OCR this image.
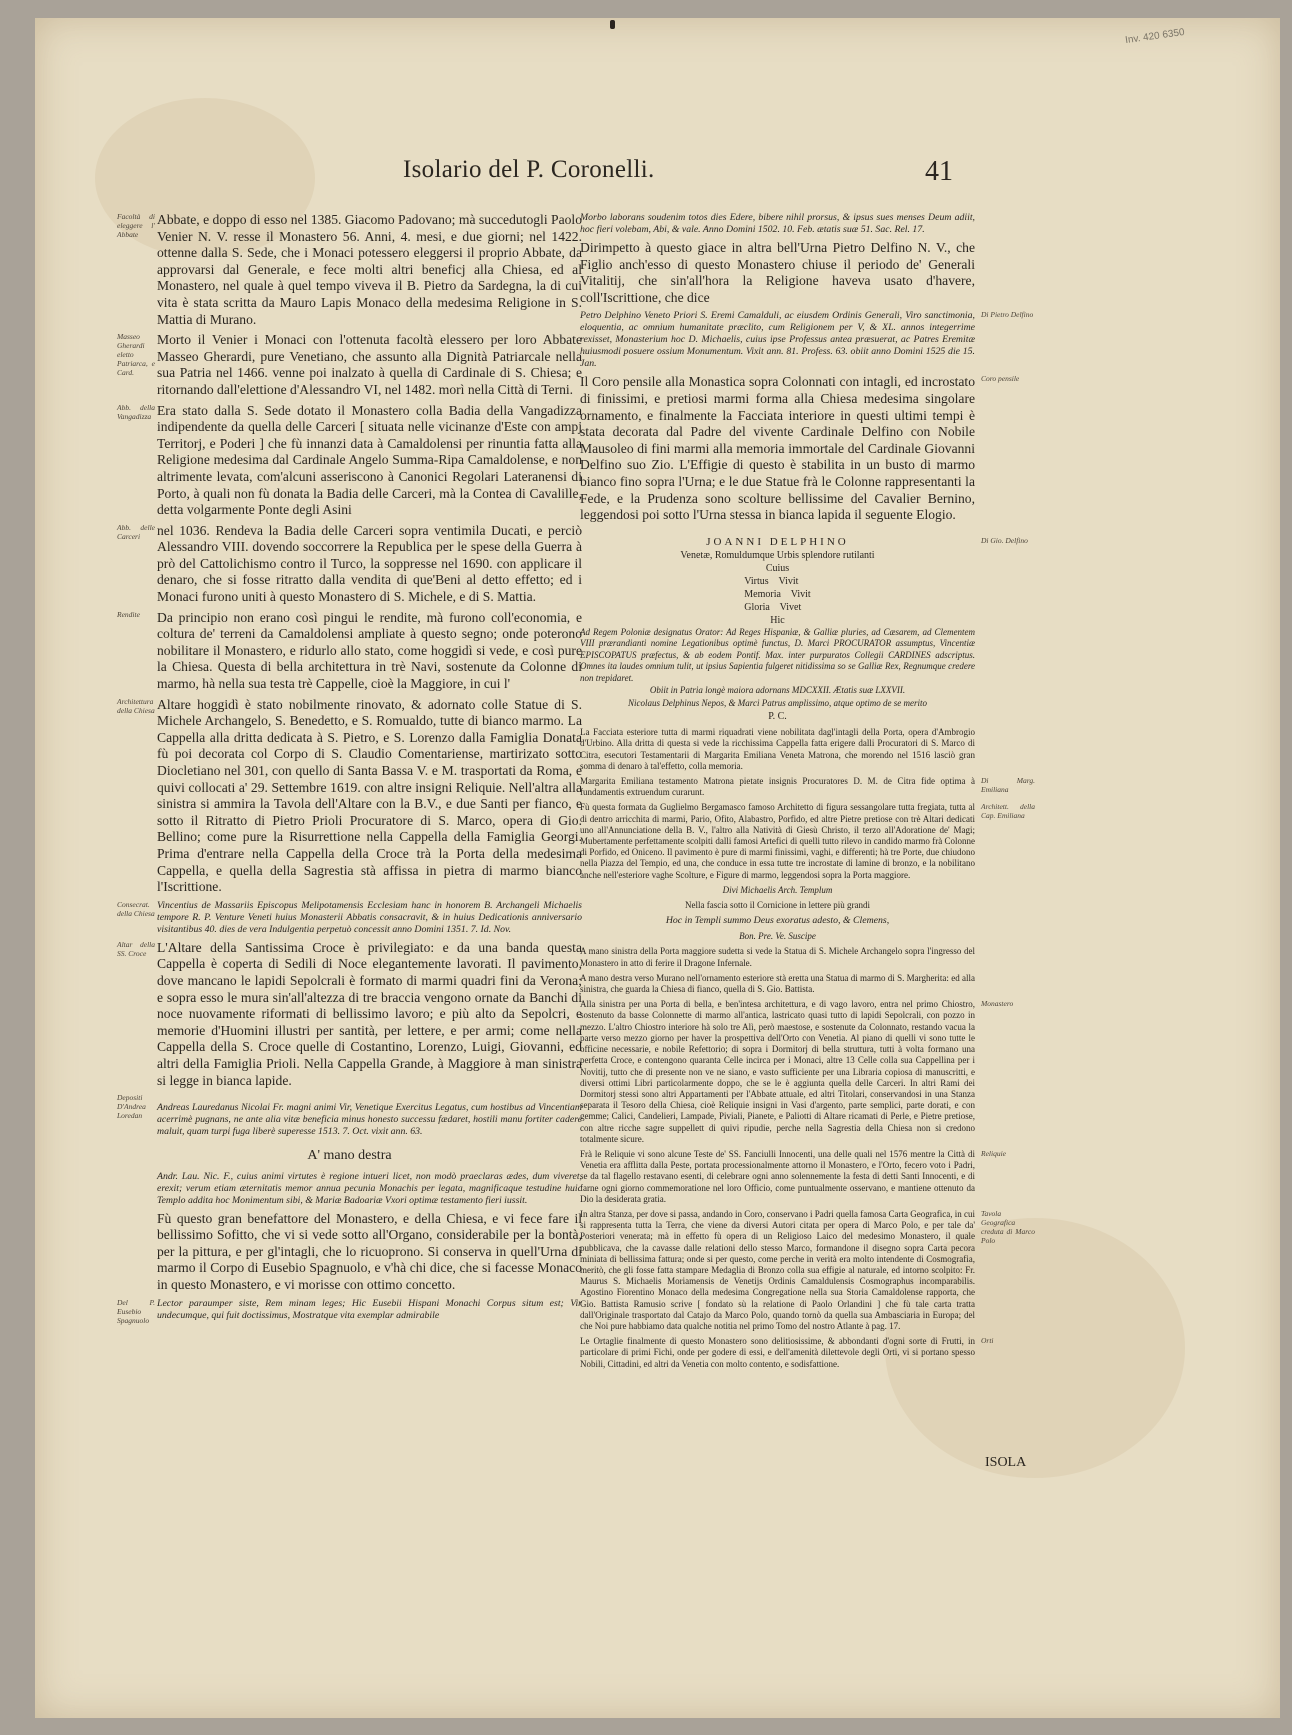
Inv. 420 6350
Isolario del P. Coronelli.	41
Facoltà di eleggere l' Abbate

Abbate, e doppo di esso nel 1385. Giacomo Padovano; mà succedutogli Paolo Venier N. V. resse il Monastero 56. Anni, 4. mesi, e due giorni; nel 1422. ottenne dalla S. Sede, che i Monaci potessero eleggersi il proprio Abbate, da approvarsi dal Generale, e fece molti altri beneficj alla Chiesa, ed al Monastero, nel quale à quel tempo viveva il B. Pietro da Sardegna, la di cui vita è stata scritta da Mauro Lapis Monaco della medesima Religione in S. Mattia di Murano.

Masseo Gherardi eletto Patriarca, e Card.

Morto il Venier i Monaci con l'ottenuta facoltà elessero per loro Abbate Masseo Gherardi, pure Venetiano, che assunto alla Dignità Patriarcale nella sua Patria nel 1466. venne poi inalzato à quella di Cardinale di S. Chiesa; e ritornando dall'elettione d'Alessandro VI, nel 1482. morì nella Città di Terni.

Abb. della Vangadizza Era stato dalla S. Sede dotato il Monastero colla Badia della Vangadizza indipendente da quella delle Carceri [ situata nelle vicinanze d'Este con ampj Territorj, e Poderi ] che fù innanzi data à Camaldolensi per rinuntia fatta alla Religione medesima dal Cardinale Angelo Summa-Ripa Camaldolense, e non altrimente levata, com'alcuni asseriscono à Canonici Regolari Lateranensi di Porto, à quali non fù donata la Badia delle Carceri, mà la Contea di Cavalille, detta volgarmente Ponte degli Asini

Abb. delle Carceri	nel 1036. Rendeva la Badia delle Carceri sopra ventimila Ducati, e perciò Alessandro VIII. dovendo soccorrere la Republica per le spese della Guerra à prò del Cattolichismo contro il Turco, la soppresse nel 1690. con applicare il denaro, che si fosse ritratto dalla vendita di que'Beni al detto effetto; ed i Monaci furono uniti à questo Monastero di S. Michele, e di S. Mattia.

Rendite	Da principio non erano così pingui le rendite, mà furono coll'economia, e coltura de' terreni da Camaldolensi ampliate à questo segno; onde poterono nobilitare il Monastero, e ridurlo allo stato, come hoggidì si vede, e così pure la Chiesa. Questa di bella architettura in trè Navi, sostenute da Colonne di marmo, hà nella sua testa trè Cappelle, cioè la Maggiore, in cui l'

Architettura della Chiesa Altare hoggidì è stato nobilmente rinovato, & adornato colle Statue di S. Michele Archangelo, S. Benedetto, e S. Romualdo, tutte di bianco marmo. La Cappella alla dritta dedicata à S. Pietro, e S. Lorenzo dalla Famiglia Donata fù poi decorata col Corpo di S. Claudio Comentariense, martirizato sotto Diocletiano nel 301, con quello di Santa Bassa V. e M. trasportati da Roma, e quivi collocati a' 29. Settembre 1619. con altre insigni Reliquie. Nell'altra alla sinistra si ammira la Tavola dell'Altare con la B.V., e due Santi per fianco, e sotto il Ritratto di Pietro Prioli Procuratore di S. Marco, opera di Gio. Bellino; come pure la Risurrettione nella Cappella della Famiglia Georgi. Prima d'entrare nella Cappella della Croce trà la Porta della medesima Cappella, e quella della Sagrestia stà affissa in pietra di marmo bianco l'Iscrittione.

Consecrat. della Chiesa

Vincentius de Massariis Episcopus Melipotamensis Ecclesiam hanc in honorem B. Archangeli Michaelis tempore R. P. Venture Veneti huius Monasterii Abbatis consacravit, & in huius Dedicationis anniversario visitantibus 40. dies de vera Indulgentia perpetuò concessit anno Domini 1351. 7. Id. Nov.

Altar della SS. Croce L'Altare della Santissima Croce è privilegiato: e da una banda questa Cappella è coperta di Sedili di Noce elegantemente lavorati. Il pavimento, dove mancano le lapidi Sepolcrali è formato di marmi quadri fini da Verona; e sopra esso le mura sin'all'altezza di tre braccia vengono ornate da Banchi di noce nuovamente riformati di bellissimo lavoro; e più alto da Sepolcri, e memorie d'Huomini illustri per santità, per lettere, e per armi; come nella Cappella della S. Croce quelle di Costantino, Lorenzo, Luigi, Giovanni, ed altri della Famiglia Prioli. Nella Cappella Grande, à Maggiore à man sinistra si legge in bianca lapide.

Depositi

D'Andrea Loredan

Andreas Lauredanus Nicolai Fr. magni animi Vir, Venetique Exercitus Legatus, cum hostibus ad Vincentiam acerrimè pugnans, ne ante alia vitæ beneficia minus honesto successu fædaret, hostili manu fortiter cadere maluit, quam turpi fuga liberè superesse 1513. 7. Oct. vixit ann. 63.

A' mano destra

Andr. Lau. Nic. F., cuius animi virtutes è regione intueri licet, non modò praeclaras ædes, dum viveret, erexit; verum etiam æternitatis memor annua pecunia Monachis per legata, magnificaque testudine huic Templo addita hoc Monimentum sibi, & Mariæ Badoariæ Vxori optimæ testamento fieri iussit.

Fù questo gran benefattore del Monastero, e della Chiesa, e vi fece fare il bellissimo Sofitto, che vi si vede sotto all'Organo, considerabile per la bontà, per la pittura, e per gl'intagli, che lo ricuoprono. Si conserva in quell'Urna di marmo il Corpo di Eusebio Spagnuolo, e v'hà chi dice, che si facesse Monaco in questo Monastero, e vi morisse con ottimo concetto.

Del P. Eusebio Spagnuolo

Lector paraumper siste, Rem minam leges; Hic Eusebii Hispani Monachi Corpus situm est; Vir undecumque, qui fuit doctissimus, Mostratque vita exemplar admirabile

Morbo laborans soudenim totos dies Edere, bibere nihil prorsus, & ipsus sues menses Deum adiit, hoc fieri volebam, Abi, & vale. Anno Domini 1502. 10. Feb. ætatis suæ 51. Sac. Rel. 17.

Dirimpetto à questo giace in altra bell'Urna Pietro Delfino N. V., che Figlio anch'esso di questo Monastero chiuse il periodo de' Generali Vitalitij, che sin'all'hora la Religione haveva usato d'havere, coll'Iscrittione, che dice

Petro Delphino Veneto Priori S. Eremi Camalduli, ac eiusdem Ordinis Generali, Viro sanctimonia, eloquentia, ac omnium humanitate præclito, cum Religionem per V, & XL. annos integerrime rexisset, Monasterium hoc D. Michaelis, cuius ipse Professus antea præsuerat, ac Patres Eremitæ huiusmodi posuere ossium Monumentum. Vixit ann. 81. Profess. 63. obiit anno Domini 1525 die 15. Jan.

Di Pietro Delfino

Il Coro pensile alla Monastica sopra Colonnati con intagli, ed incrostato di finissimi, e pretiosi marmi forma alla Chiesa medesima singolare ornamento, e finalmente la Facciata interiore in questi ultimi tempi è stata decorata dal Padre del vivente Cardinale Delfino con Nobile Mausoleo di fini marmi alla memoria immortale del Cardinale Giovanni Delfino suo Zio. L'Effigie di questo è stabilita in un busto di marmo bianco fino sopra l'Urna; e le due Statue frà le Colonne rappresentanti la Fede, e la Prudenza sono scolture bellissime del Cavalier Bernino, leggendosi poi sotto l'Urna stessa in bianca lapida il seguente Elogio.

Coro pensile
JOANNI DELPHINO
Venetæ, Romuldumque Urbis splendore rutilanti
Cuius
Virtus    Vivit
Memoria    Vivit
Gloria    Vivet
Hic
Ad Regem Poloniæ designatus Orator: Ad Reges Hispaniæ, & Galliæ pluries, ad Cæsarem, ad Clementem VIII prærandianti nomine Legationibus optimè functus, D. Marci PROCURATOR assumptus, Vincentiæ EPISCOPATUS præfectus, & ab eodem Pontif. Max. inter purpuratos Collegii CARDINES adscriptus. Omnes ita laudes omnium tulit, ut ipsius Sapientia fulgeret nitidissima so se Galliæ Rex, Regnumque credere non trepidaret.
Obiit in Patria longè maiora adornans MDCXXII. Ætatis suæ LXXVII.
Nicolaus Delphinus Nepos, & Marci Patrus amplissimo, atque optimo de se merito
P. C.
Di Gio. Delfino

La Facciata esteriore tutta di marmi riquadrati viene nobilitata dagl'intagli della Porta, opera d'Ambrogio d'Urbino. Alla dritta di questa si vede la ricchissima Cappella fatta erigere dalli Procuratori di S. Marco di Citra, esecutori Testamentarii di Margarita Emiliana Veneta Matrona, che morendo nel 1516 lasciò gran somma di denaro à tal'effetto, colla memoria.

Margarita Emiliana testamento Matrona pietate insignis Procuratores D. M. de Citra fide optima à fundamentis extruendum curarunt.

Di Marg. Emiliana

Fù questa formata da Guglielmo Bergamasco famoso Architetto di figura sessangolare tutta fregiata, tutta al di dentro arricchita di marmi, Pario, Ofito, Alabastro, Porfido, ed altre Pietre pretiose con trè Altari dedicati uno all'Annunciatione della B. V., l'altro alla Natività di Giesù Christo, il terzo all'Adoratione de' Magi; Mubertamente perfettamente scolpiti dalli famosi Artefici di quelli tutto rilevo in candido marmo frà Colonne di Porfido, ed Oniceno. Il pavimento è pure di marmi finissimi, vaghi, e differenti; hà tre Porte, due chiudono nella Piazza del Tempio, ed una, che conduce in essa tutte tre incrostate di lamine di bronzo, e la nobilitano anche nell'esteriore vaghe Scolture, e Figure di marmo, leggendosi sopra la Porta maggiore.

Architett. della Cap. Emiliana

Divi Michaelis Arch. Templum

Nella fascia sotto il Cornicione in lettere più grandi

Hoc in Templi summo Deus exoratus adesto, & Clemens,

Bon. Pre. Ve. Suscipe

A mano sinistra della Porta maggiore sudetta si vede la Statua di S. Michele Archangelo sopra l'ingresso del Monastero in atto di ferire il Dragone Infernale.

A mano destra verso Murano nell'ornamento esteriore stà eretta una Statua di marmo di S. Margherita: ed alla sinistra, che guarda la Chiesa di fianco, quella di S. Gio. Battista.

Alla sinistra per una Porta di bella, e ben'intesa architettura, e di vago lavoro, entra nel primo Chiostro, sostenuto da basse Colonnette di marmo all'antica, lastricato quasi tutto di lapidi Sepolcrali, con pozzo in mezzo. L'altro Chiostro interiore hà solo tre Alì, però maestose, e sostenute da Colonnato, restando vacua la parte verso mezzo giorno per haver la prospettiva dell'Orto con Venetia. Al piano di quelli vi sono tutte le officine necessarie, e nobile Refettorio; di sopra i Dormitorj di bella struttura, tutti à volta formano una perfetta Croce, e contengono quaranta Celle incirca per i Monaci, altre 13 Celle colla sua Cappellina per i Novitij, tutto che di presente non ve ne siano, e vasto sufficiente per una Libraria copiosa di manuscritti, e diversi ottimi Libri particolarmente doppo, che se le è aggiunta quella delle Carceri. In altri Rami dei Dormitorj stessi sono altri Appartamenti per l'Abbate attuale, ed altri Titolari, conservandosi in una Stanza separata il Tesoro della Chiesa, cioè Reliquie insigni in Vasi d'argento, parte semplici, parte dorati, e con gemme; Calici, Candelieri, Lampade, Piviali, Pianete, e Paliotti di Altare ricamati di Perle, e Pietre pretiose, con altre ricche sagre suppellett di quivi ripudie, perche nella Sagrestia della Chiesa non si credono totalmente sicure.

Monastero

Frà le Reliquie vi sono alcune Teste de' SS. Fanciulli Innocenti, una delle quali nel 1576 mentre la Città di Venetia era afflitta dalla Peste, portata processionalmente attorno il Monastero, e l'Orto, fecero voto i Padri, se da tal flagello restavano esenti, di celebrare ogni anno solennemente la festa di detti Santi Innocenti, e di farne ogni giorno commemoratione nel loro Officio, come puntualmente osservano, e mantiene ottenuto da Dio la desiderata gratia.

Reliquie

In altra Stanza, per dove si passa, andando in Coro, conservano i Padri quella famosa Carta Geografica, in cui si rappresenta tutta la Terra, che viene da diversi Autori citata per opera di Marco Polo, e per tale da' Posteriori venerata; mà in effetto fù opera di un Religioso Laico del medesimo Monastero, il quale pubblicava, che la cavasse dalle relationi dello stesso Marco, formandone il disegno sopra Carta pecora miniata di bellissima fattura; onde si per questo, come perche in verità era molto intendente di Cosmografia, meritò, che gli fosse fatta stampare Medaglia di Bronzo colla sua effigie al naturale, ed intorno scolpito: Fr. Maurus S. Michaelis Moriamensis de Venetijs Ordinis Camaldulensis Cosmographus incomparabilis. Agostino Fiorentino Monaco della medesima Congregatione nella sua Storia Camaldolense rapporta, che Gio. Battista Ramusio scrive [ fondato sù la relatione di Paolo Orlandini ] che fù tale carta tratta dall'Originale trasportato dal Catajo da Marco Polo, quando tornò da quella sua Ambasciaria in Europa; del che Noi pure habbiamo data qualche notitia nel primo Tomo del nostro Atlante à pag. 17.

Tavola Geografica creduta di Marco Polo

Le Ortaglie finalmente di questo Monastero sono delitiosissime, & abbondanti d'ogni sorte di Frutti, in particolare di primi Fichi, onde per godere di essi, e dell'amenità dilettevole degli Orti, vi si portano spesso Nobili, Cittadini, ed altri da Venetia con molto contento, e sodisfattione.

Orti
ISOLA
